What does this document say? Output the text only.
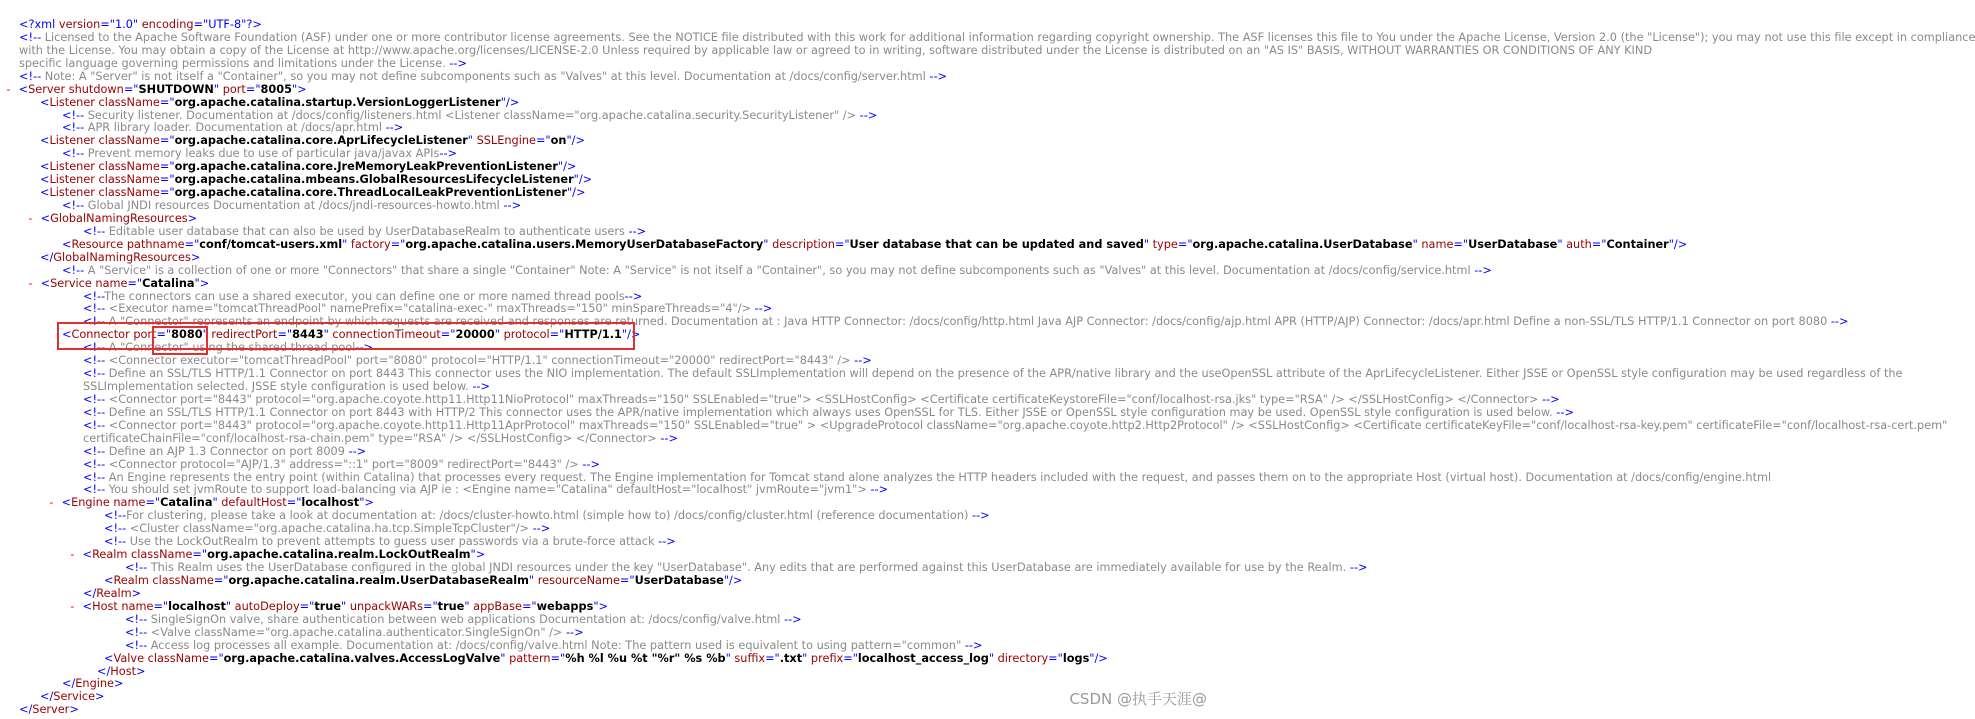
<?xml version="1.0" encoding="UTF-8"?>
<!-- Licensed to the Apache Software Foundation (ASF) under one or more contributor license agreements. See the NOTICE file distributed with this work for additional information regarding copyright ownership. The ASF licenses this file to You under the Apache License, Version 2.0 (the "License"); you may not use this file except in compliance
with the License. You may obtain a copy of the License at http://www.apache.org/licenses/LICENSE-2.0 Unless required by applicable law or agreed to in writing, software distributed under the License is distributed on an "AS IS" BASIS, WITHOUT WARRANTIES OR CONDITIONS OF ANY KIND
specific language governing permissions and limitations under the License. -->
<!-- Note: A "Server" is not itself a "Container", so you may not define subcomponents such as "Valves" at this level. Documentation at /docs/config/server.html -->
- <Server shutdown="SHUTDOWN" port="8005">
<Listener className="org.apache.catalina.startup.VersionLoggerListener"/>
<!-- Security listener. Documentation at /docs/config/listeners.html <Listener className="org.apache.catalina.security.SecurityListener" /> -->
<!-- APR library loader. Documentation at /docs/apr.html -->
<Listener className="org.apache.catalina.core.AprLifecycleListener" SSLEngine="on"/>
<!-- Prevent memory leaks due to use of particular java/javax APIs-->
<Listener className="org.apache.catalina.core.JreMemoryLeakPreventionListener"/>
<Listener className="org.apache.catalina.mbeans.GlobalResourcesLifecycleListener"/>
<Listener className="org.apache.catalina.core.ThreadLocalLeakPreventionListener"/>
<!-- Global JNDI resources Documentation at /docs/jndi-resources-howto.html -->
- <GlobalNamingResources>
<!-- Editable user database that can also be used by UserDatabaseRealm to authenticate users -->
<Resource pathname="conf/tomcat-users.xml" factory="org.apache.catalina.users.MemoryUserDatabaseFactory" description="User database that can be updated and saved" type="org.apache.catalina.UserDatabase" name="UserDatabase" auth="Container"/>
</GlobalNamingResources>
<!-- A "Service" is a collection of one or more "Connectors" that share a single "Container" Note: A "Service" is not itself a "Container", so you may not define subcomponents such as "Valves" at this level. Documentation at /docs/config/service.html -->
- <Service name="Catalina">
<!--The connectors can use a shared executor, you can define one or more named thread pools-->
<!-- <Executor name="tomcatThreadPool" namePrefix="catalina-exec-" maxThreads="150" minSpareThreads="4"/> -->
<!-- A "Connector" represents an endpoint by which requests are received and responses are returned. Documentation at : Java HTTP Connector: /docs/config/http.html Java AJP Connector: /docs/config/ajp.html APR (HTTP/AJP) Connector: /docs/apr.html Define a non-SSL/TLS HTTP/1.1 Connector on port 8080 -->
<Connector port="8080" redirectPort="8443" connectionTimeout="20000" protocol="HTTP/1.1"/>
<!-- A "Connector" using the shared thread pool-->
<!-- <Connector executor="tomcatThreadPool" port="8080" protocol="HTTP/1.1" connectionTimeout="20000" redirectPort="8443" /> -->
<!-- Define an SSL/TLS HTTP/1.1 Connector on port 8443 This connector uses the NIO implementation. The default SSLImplementation will depend on the presence of the APR/native library and the useOpenSSL attribute of the AprLifecycleListener. Either JSSE or OpenSSL style configuration may be used regardless of the
SSLImplementation selected. JSSE style configuration is used below. -->
<!-- <Connector port="8443" protocol="org.apache.coyote.http11.Http11NioProtocol" maxThreads="150" SSLEnabled="true"> <SSLHostConfig> <Certificate certificateKeystoreFile="conf/localhost-rsa.jks" type="RSA" /> </SSLHostConfig> </Connector> -->
<!-- Define an SSL/TLS HTTP/1.1 Connector on port 8443 with HTTP/2 This connector uses the APR/native implementation which always uses OpenSSL for TLS. Either JSSE or OpenSSL style configuration may be used. OpenSSL style configuration is used below. -->
<!-- <Connector port="8443" protocol="org.apache.coyote.http11.Http11AprProtocol" maxThreads="150" SSLEnabled="true" > <UpgradeProtocol className="org.apache.coyote.http2.Http2Protocol" /> <SSLHostConfig> <Certificate certificateKeyFile="conf/localhost-rsa-key.pem" certificateFile="conf/localhost-rsa-cert.pem"
certificateChainFile="conf/localhost-rsa-chain.pem" type="RSA" /> </SSLHostConfig> </Connector> -->
<!-- Define an AJP 1.3 Connector on port 8009 -->
<!-- <Connector protocol="AJP/1.3" address="::1" port="8009" redirectPort="8443" /> -->
<!-- An Engine represents the entry point (within Catalina) that processes every request. The Engine implementation for Tomcat stand alone analyzes the HTTP headers included with the request, and passes them on to the appropriate Host (virtual host). Documentation at /docs/config/engine.html
<!-- You should set jvmRoute to support load-balancing via AJP ie : <Engine name="Catalina" defaultHost="localhost" jvmRoute="jvm1"> -->
- <Engine name="Catalina" defaultHost="localhost">
<!--For clustering, please take a look at documentation at: /docs/cluster-howto.html (simple how to) /docs/config/cluster.html (reference documentation) -->
<!-- <Cluster className="org.apache.catalina.ha.tcp.SimpleTcpCluster"/> -->
<!-- Use the LockOutRealm to prevent attempts to guess user passwords via a brute-force attack -->
- <Realm className="org.apache.catalina.realm.LockOutRealm">
<!-- This Realm uses the UserDatabase configured in the global JNDI resources under the key "UserDatabase". Any edits that are performed against this UserDatabase are immediately available for use by the Realm. -->
<Realm className="org.apache.catalina.realm.UserDatabaseRealm" resourceName="UserDatabase"/>
</Realm>
- <Host name="localhost" autoDeploy="true" unpackWARs="true" appBase="webapps">
<!-- SingleSignOn valve, share authentication between web applications Documentation at: /docs/config/valve.html -->
<!-- <Valve className="org.apache.catalina.authenticator.SingleSignOn" /> -->
<!-- Access log processes all example. Documentation at: /docs/config/valve.html Note: The pattern used is equivalent to using pattern="common" -->
<Valve className="org.apache.catalina.valves.AccessLogValve" pattern="%h %l %u %t "%r" %s %b" suffix=".txt" prefix="localhost_access_log" directory="logs"/>
</Host>
</Engine>
</Service>
</Server>
CSDN @执手天涯@
